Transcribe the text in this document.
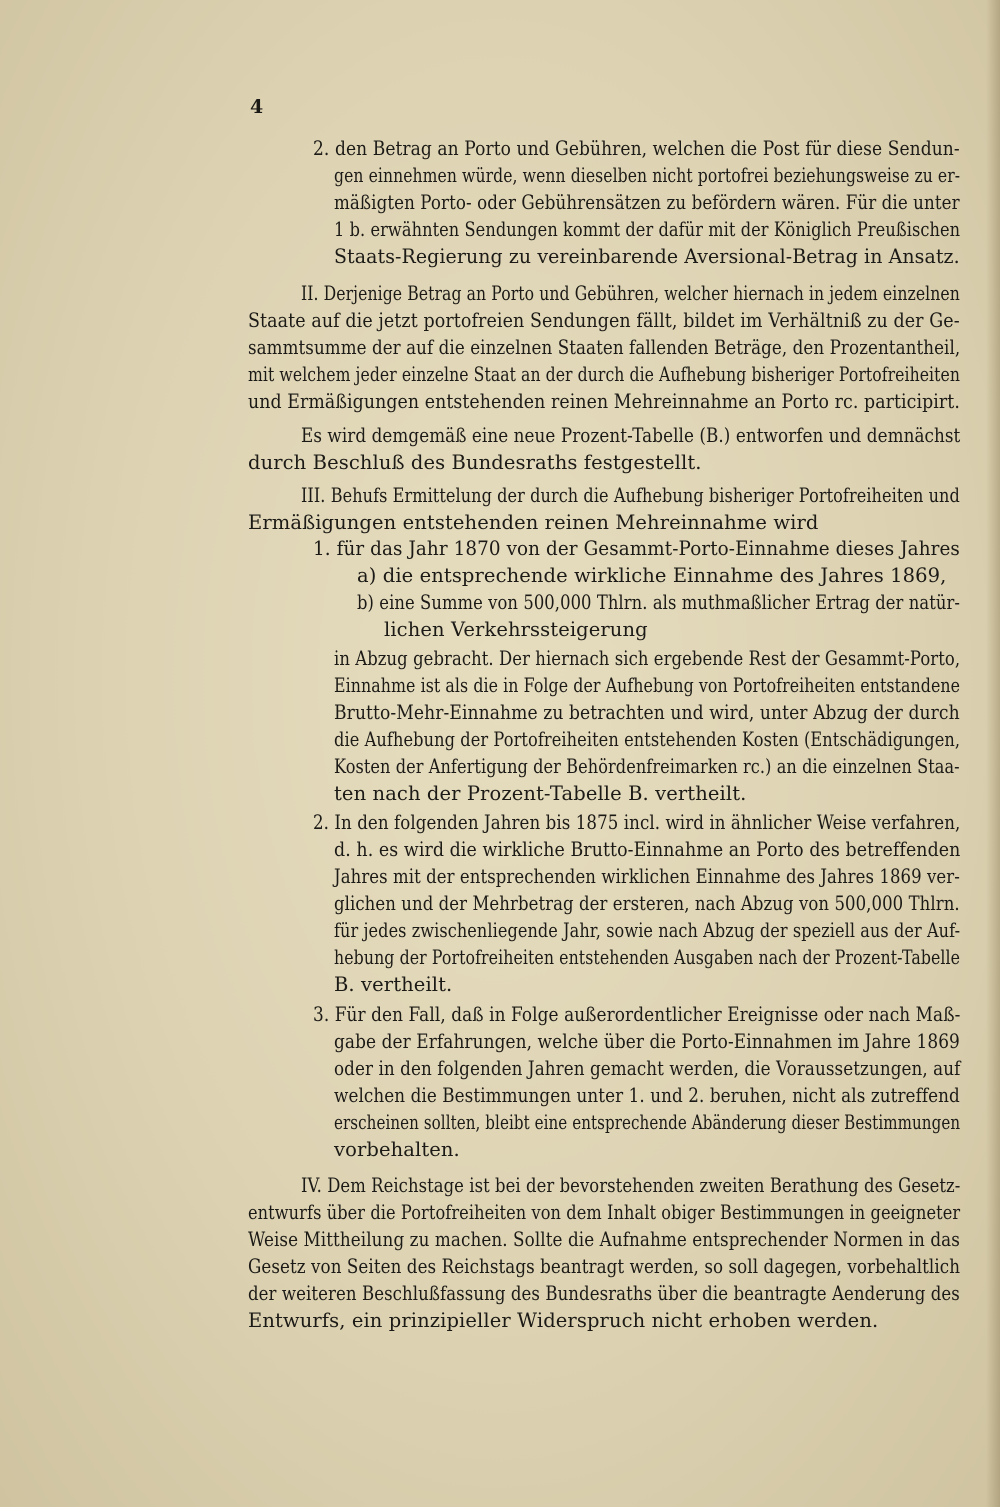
4
2. den Betrag an Porto und Gebühren, welchen die Post für diese Sendun-
gen einnehmen würde, wenn dieselben nicht portofrei beziehungsweise zu er-
mäßigten Porto- oder Gebührensätzen zu befördern wären. Für die unter
1 b. erwähnten Sendungen kommt der dafür mit der Königlich Preußischen
Staats-Regierung zu vereinbarende Aversional-Betrag in Ansatz.
II. Derjenige Betrag an Porto und Gebühren, welcher hiernach in jedem einzelnen
Staate auf die jetzt portofreien Sendungen fällt, bildet im Verhältniß zu der Ge-
sammtsumme der auf die einzelnen Staaten fallenden Beträge, den Prozentantheil,
mit welchem jeder einzelne Staat an der durch die Aufhebung bisheriger Portofreiheiten
und Ermäßigungen entstehenden reinen Mehreinnahme an Porto rc. participirt.
Es wird demgemäß eine neue Prozent-Tabelle (B.) entworfen und demnächst
durch Beschluß des Bundesraths festgestellt.
III. Behufs Ermittelung der durch die Aufhebung bisheriger Portofreiheiten und
Ermäßigungen entstehenden reinen Mehreinnahme wird
1. für das Jahr 1870 von der Gesammt-Porto-Einnahme dieses Jahres
a) die entsprechende wirkliche Einnahme des Jahres 1869,
b) eine Summe von 500,000 Thlrn. als muthmaßlicher Ertrag der natür-
lichen Verkehrssteigerung
in Abzug gebracht. Der hiernach sich ergebende Rest der Gesammt-Porto,
Einnahme ist als die in Folge der Aufhebung von Portofreiheiten entstandene
Brutto-Mehr-Einnahme zu betrachten und wird, unter Abzug der durch
die Aufhebung der Portofreiheiten entstehenden Kosten (Entschädigungen,
Kosten der Anfertigung der Behördenfreimarken rc.) an die einzelnen Staa-
ten nach der Prozent-Tabelle B. vertheilt.
2. In den folgenden Jahren bis 1875 incl. wird in ähnlicher Weise verfahren,
d. h. es wird die wirkliche Brutto-Einnahme an Porto des betreffenden
Jahres mit der entsprechenden wirklichen Einnahme des Jahres 1869 ver-
glichen und der Mehrbetrag der ersteren, nach Abzug von 500,000 Thlrn.
für jedes zwischenliegende Jahr, sowie nach Abzug der speziell aus der Auf-
hebung der Portofreiheiten entstehenden Ausgaben nach der Prozent-Tabelle
B. vertheilt.
3. Für den Fall, daß in Folge außerordentlicher Ereignisse oder nach Maß-
gabe der Erfahrungen, welche über die Porto-Einnahmen im Jahre 1869
oder in den folgenden Jahren gemacht werden, die Voraussetzungen, auf
welchen die Bestimmungen unter 1. und 2. beruhen, nicht als zutreffend
erscheinen sollten, bleibt eine entsprechende Abänderung dieser Bestimmungen
vorbehalten.
IV. Dem Reichstage ist bei der bevorstehenden zweiten Berathung des Gesetz-
entwurfs über die Portofreiheiten von dem Inhalt obiger Bestimmungen in geeigneter
Weise Mittheilung zu machen. Sollte die Aufnahme entsprechender Normen in das
Gesetz von Seiten des Reichstags beantragt werden, so soll dagegen, vorbehaltlich
der weiteren Beschlußfassung des Bundesraths über die beantragte Aenderung des
Entwurfs, ein prinzipieller Widerspruch nicht erhoben werden.
